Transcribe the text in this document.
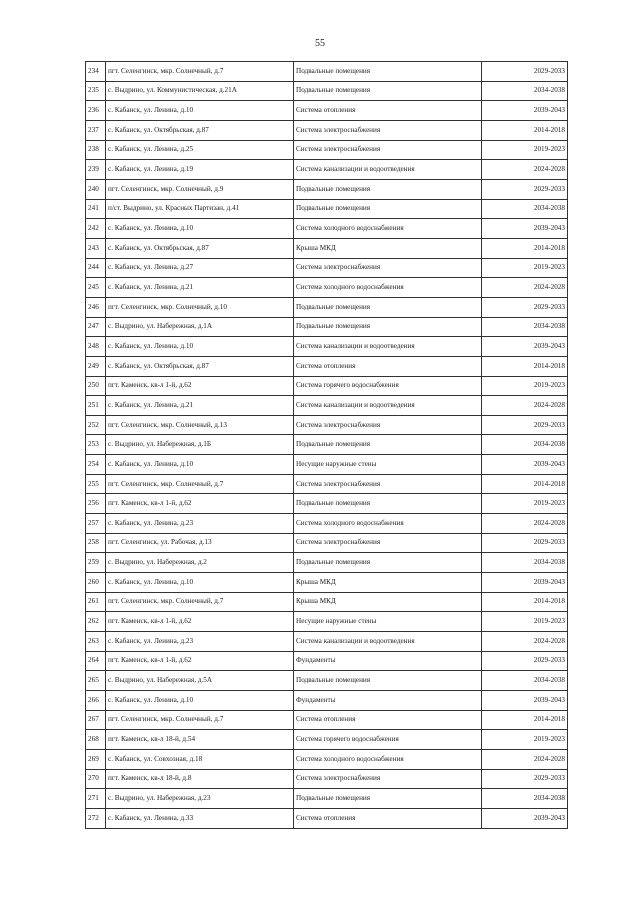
55
234	пгт. Селенгинск, мкр. Солнечный, д.7	Подвальные помещения	2029-2033
235	с. Выдрино, ул. Коммунистическая, д.21А	Подвальные помещения	2034-2038
236	с. Кабанск, ул. Ленина, д.10	Система отопления	2039-2043
237	с. Кабанск, ул. Октябрьская, д.87	Система электроснабжения	2014-2018
238	с. Кабанск, ул. Ленина, д.25	Система электроснабжения	2019-2023
239	с. Кабанск, ул. Ленина, д.19	Система канализации и водоотведения	2024-2028
240	пгт. Селенгинск, мкр. Солнечный, д.9	Подвальные помещения	2029-2033
241	п/ст. Выдрино, ул. Красных Партизан, д.41	Подвальные помещения	2034-2038
242	с. Кабанск, ул. Ленина, д.10	Система холодного водоснабжения	2039-2043
243	с. Кабанск, ул. Октябрьская, д.87	Крыша МКД	2014-2018
244	с. Кабанск, ул. Ленина, д.27	Система электроснабжения	2019-2023
245	с. Кабанск, ул. Ленина, д.21	Система холодного водоснабжения	2024-2028
246	пгт. Селенгинск, мкр. Солнечный, д.10	Подвальные помещения	2029-2033
247	с. Выдрино, ул. Набережная, д.1А	Подвальные помещения	2034-2038
248	с. Кабанск, ул. Ленина, д.10	Система канализации и водоотведения	2039-2043
249	с. Кабанск, ул. Октябрьская, д.87	Система отопления	2014-2018
250	пгт. Каменск, кв-л 1-й, д.62	Система горячего водоснабжения	2019-2023
251	с. Кабанск, ул. Ленина, д.21	Система канализации и водоотведения	2024-2028
252	пгт. Селенгинск, мкр. Солнечный, д.13	Система электроснабжения	2029-2033
253	с. Выдрино, ул. Набережная, д.1Б	Подвальные помещения	2034-2038
254	с. Кабанск, ул. Ленина, д.10	Несущие наружные стены	2039-2043
255	пгт. Селенгинск, мкр. Солнечный, д.7	Система электроснабжения	2014-2018
256	пгт. Каменск, кв-л 1-й, д.62	Подвальные помещения	2019-2023
257	с. Кабанск, ул. Ленина, д.23	Система холодного водоснабжения	2024-2028
258	пгт. Селенгинск, ул. Рабочая, д.13	Система электроснабжения	2029-2033
259	с. Выдрино, ул. Набережная, д.2	Подвальные помещения	2034-2038
260	с. Кабанск, ул. Ленина, д.10	Крыша МКД	2039-2043
261	пгт. Селенгинск, мкр. Солнечный, д.7	Крыша МКД	2014-2018
262	пгт. Каменск, кв-л 1-й, д.62	Несущие наружные стены	2019-2023
263	с. Кабанск, ул. Ленина, д.23	Система канализации и водоотведения	2024-2028
264	пгт. Каменск, кв-л 1-й, д.62	Фундаменты	2029-2033
265	с. Выдрино, ул. Набережная, д.5А	Подвальные помещения	2034-2038
266	с. Кабанск, ул. Ленина, д.10	Фундаменты	2039-2043
267	пгт. Селенгинск, мкр. Солнечный, д.7	Система отопления	2014-2018
268	пгт. Каменск, кв-л 18-й, д.54	Система горячего водоснабжения	2019-2023
269	с. Кабанск, ул. Совхозная, д.18	Система холодного водоснабжения	2024-2028
270	пгт. Каменск, кв-л 18-й, д.8	Система электроснабжения	2029-2033
271	с. Выдрино, ул. Набережная, д.23	Подвальные помещения	2034-2038
272	с. Кабанск, ул. Ленина, д.33	Система отопления	2039-2043
